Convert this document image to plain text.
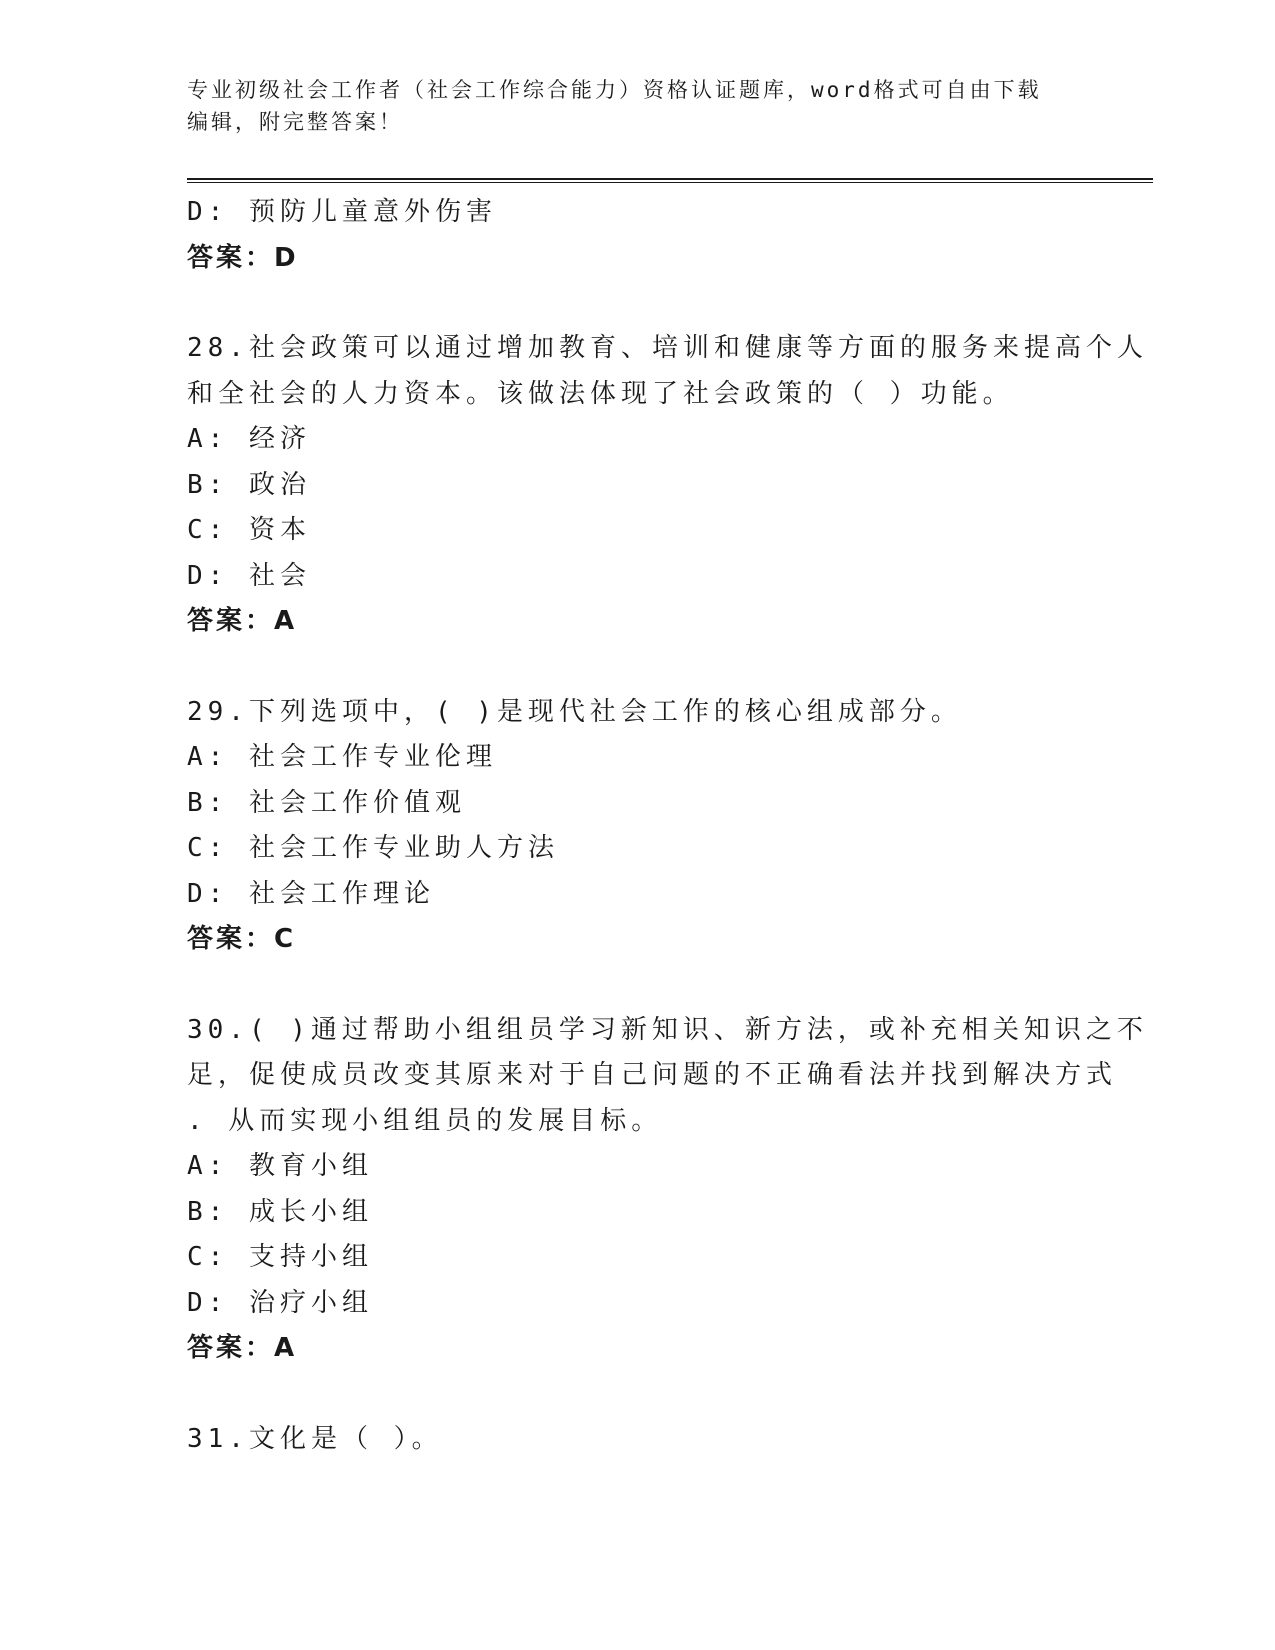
专业初级社会工作者（社会工作综合能力）资格认证题库，word格式可自由下载
编辑，附完整答案！
D: 预防儿童意外伤害
答案：D
28.社会政策可以通过增加教育、培训和健康等方面的服务来提高个人
和全社会的人力资本。该做法体现了社会政策的（ ）功能。
A: 经济
B: 政治
C: 资本
D: 社会
答案：A
29.下列选项中，( )是现代社会工作的核心组成部分。
A: 社会工作专业伦理
B: 社会工作价值观
C: 社会工作专业助人方法
D: 社会工作理论
答案：C
30.( )通过帮助小组组员学习新知识、新方法，或补充相关知识之不
足，促使成员改变其原来对于自己问题的不正确看法并找到解决方式
. 从而实现小组组员的发展目标。
A: 教育小组
B: 成长小组
C: 支持小组
D: 治疗小组
答案：A
31.文化是（ ）。
